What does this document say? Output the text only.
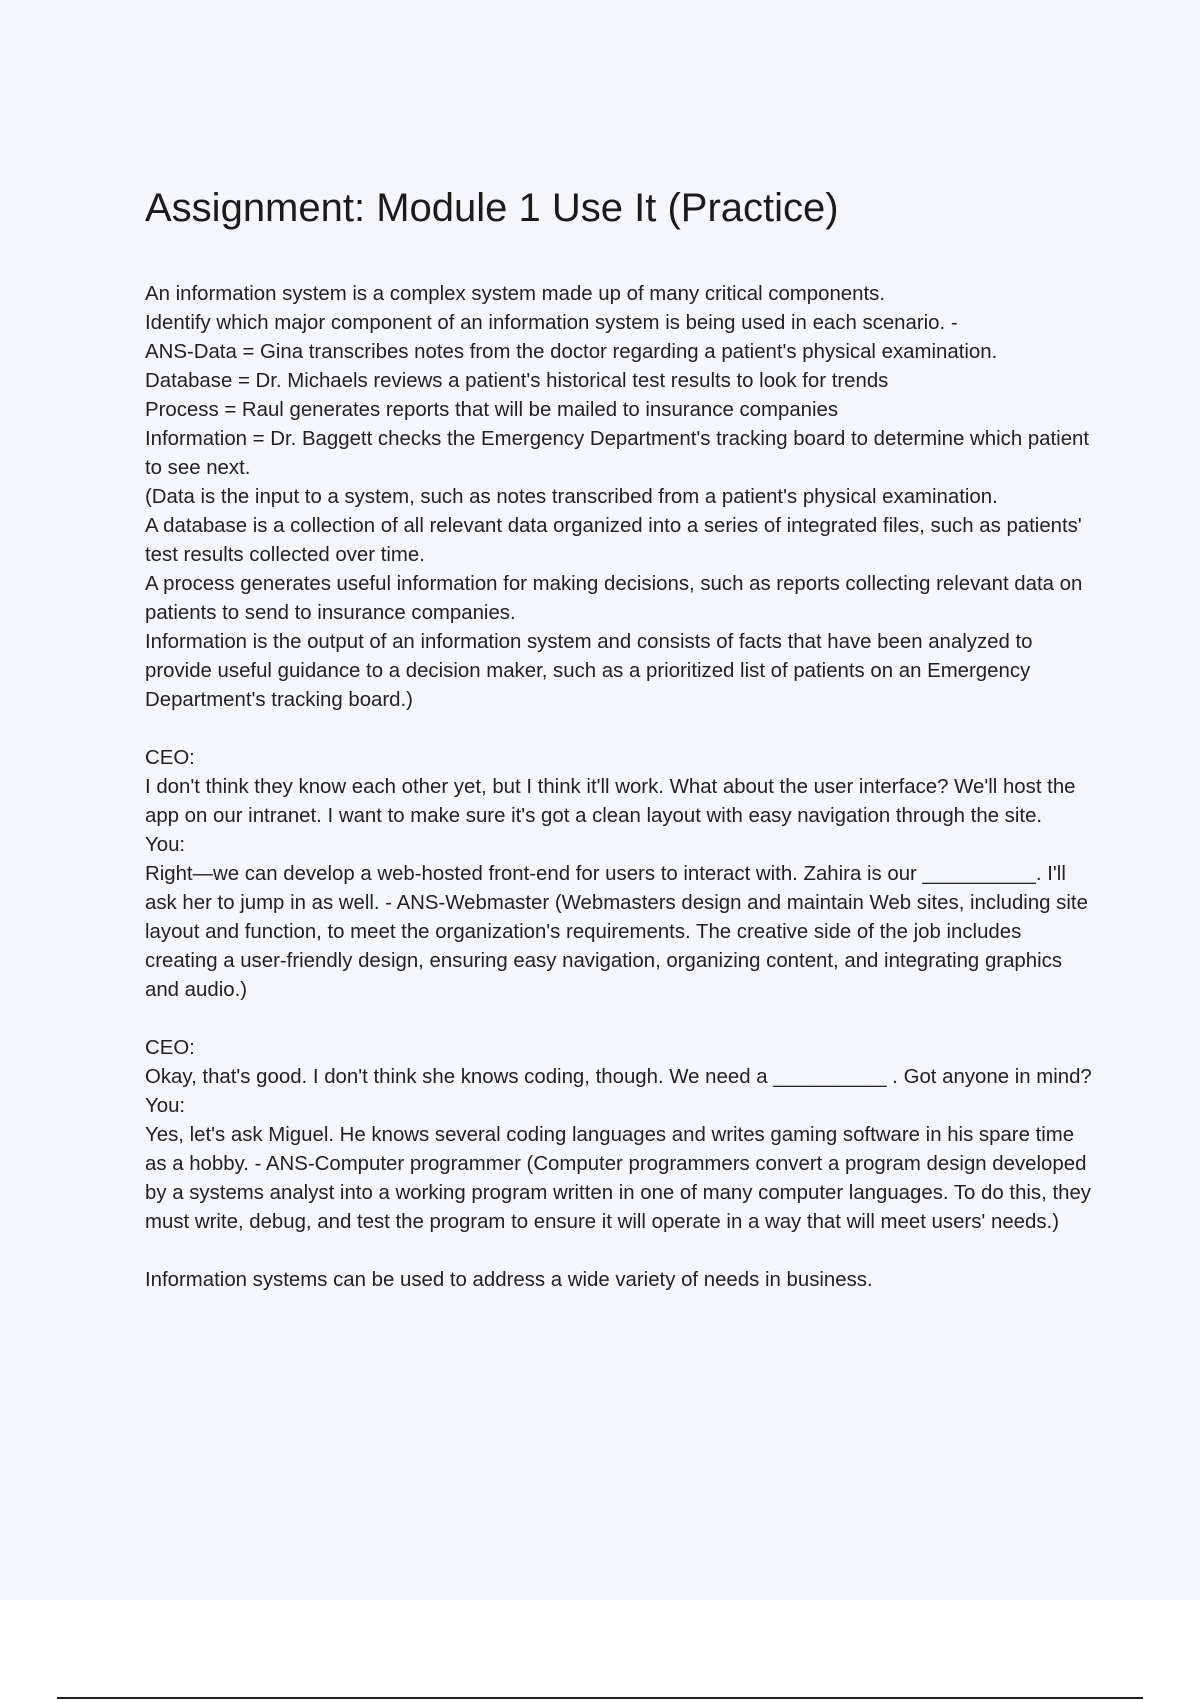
Assignment: Module 1 Use It (Practice)

An information system is a complex system made up of many critical components.

Identify which major component of an information system is being used in each scenario. -

ANS-Data = Gina transcribes notes from the doctor regarding a patient's physical examination.

Database = Dr. Michaels reviews a patient's historical test results to look for trends

Process = Raul generates reports that will be mailed to insurance companies

Information = Dr. Baggett checks the Emergency Department's tracking board to determine which patient to see next.

(Data is the input to a system, such as notes transcribed from a patient's physical examination.

A database is a collection of all relevant data organized into a series of integrated files, such as patients' test results collected over time.

A process generates useful information for making decisions, such as reports collecting relevant data on patients to send to insurance companies.

Information is the output of an information system and consists of facts that have been analyzed to provide useful guidance to a decision maker, such as a prioritized list of patients on an Emergency Department's tracking board.)

CEO:

I don't think they know each other yet, but I think it'll work. What about the user interface? We'll host the app on our intranet. I want to make sure it's got a clean layout with easy navigation through the site.

You:

Right—we can develop a web-hosted front-end for users to interact with. Zahira is our __________. I'll ask her to jump in as well. - ANS-Webmaster (Webmasters design and maintain Web sites, including site layout and function, to meet the organization's requirements. The creative side of the job includes creating a user-friendly design, ensuring easy navigation, organizing content, and integrating graphics and audio.)

CEO:

Okay, that's good. I don't think she knows coding, though. We need a __________ . Got anyone in mind?

You:

Yes, let's ask Miguel. He knows several coding languages and writes gaming software in his spare time as a hobby. - ANS-Computer programmer (Computer programmers convert a program design developed by a systems analyst into a working program written in one of many computer languages. To do this, they must write, debug, and test the program to ensure it will operate in a way that will meet users' needs.)

Information systems can be used to address a wide variety of needs in business.
